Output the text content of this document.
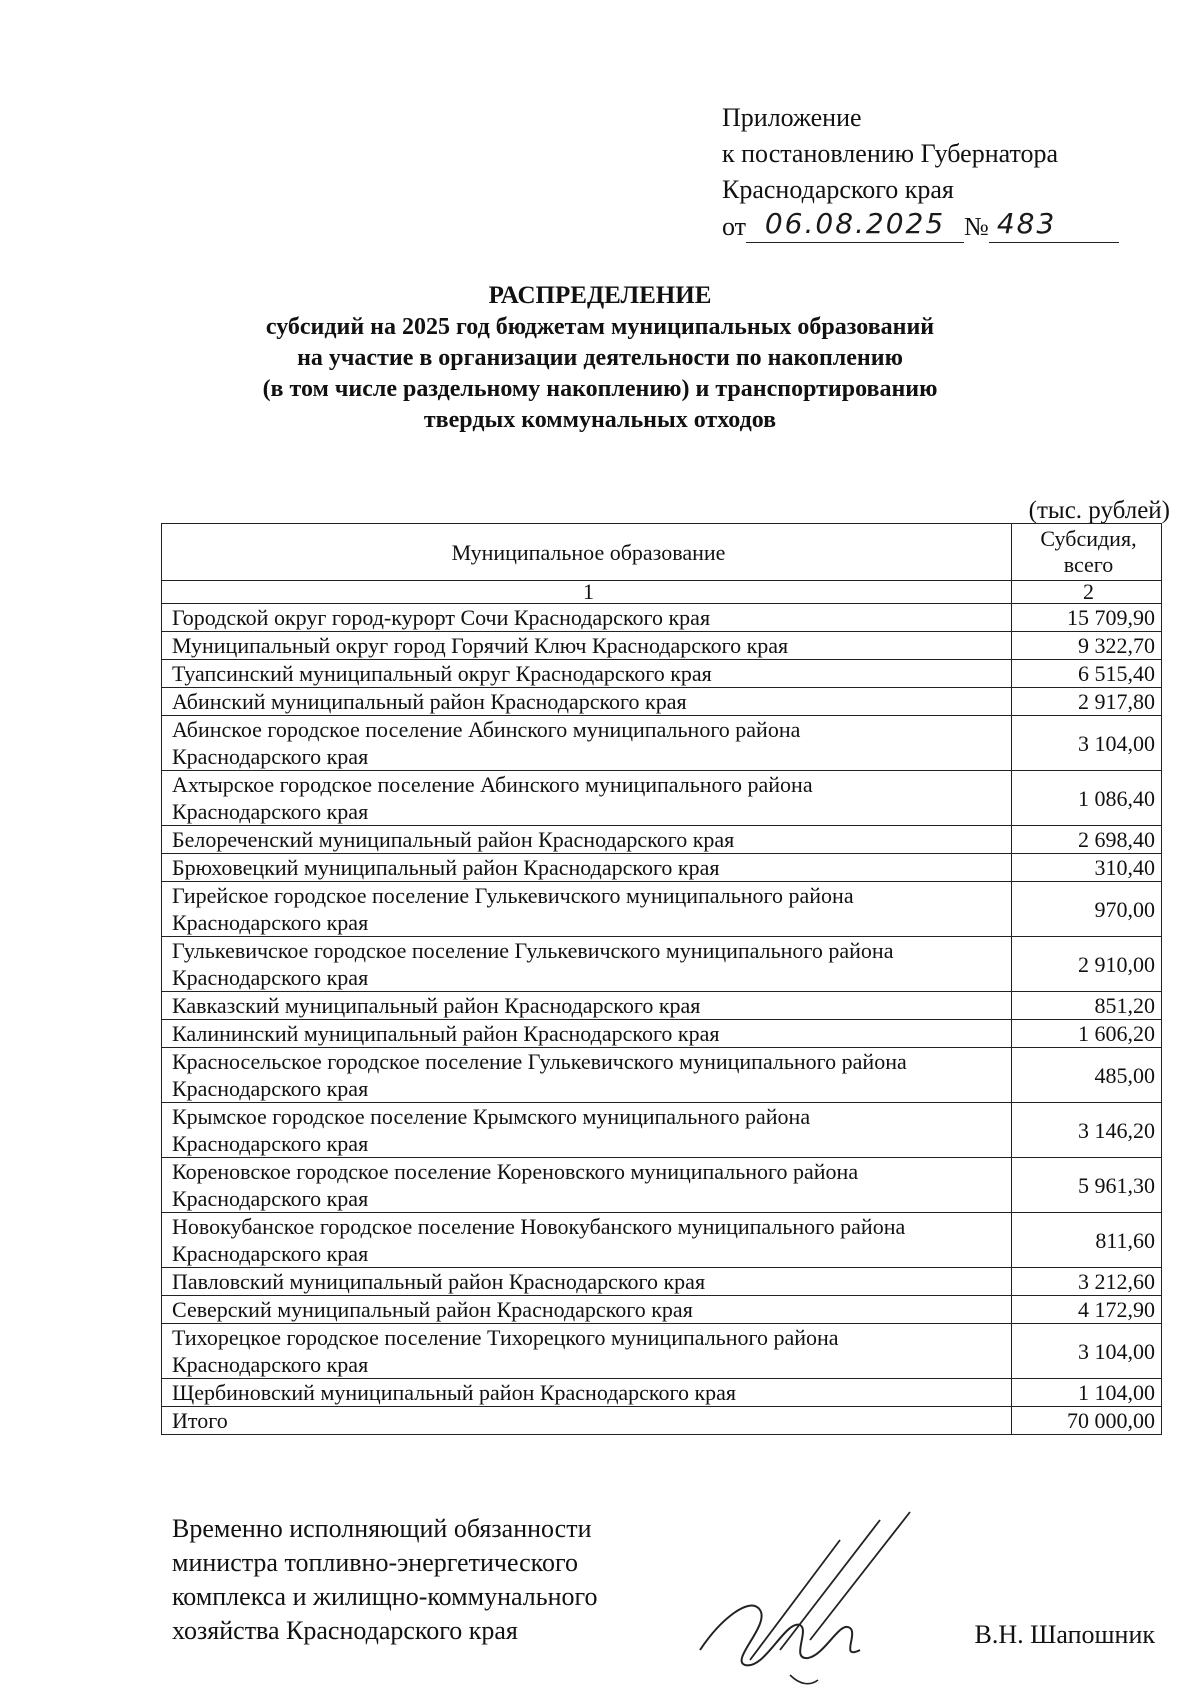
Приложение
к постановлению Губернатора
Краснодарского края
от 06.08.2025 № 483
РАСПРЕДЕЛЕНИЕ
субсидий на 2025 год бюджетам муниципальных образований
на участие в организации деятельности по накоплению
(в том числе раздельному накоплению) и транспортированию
твердых коммунальных отходов
(тыс. рублей)
Муниципальное образование	Субсидия,
всего

1	2

Городской округ город-курорт Сочи Краснодарского края	15 709,90

Муниципальный округ город Горячий Ключ Краснодарского края	9 322,70

Туапсинский муниципальный округ Краснодарского края	6 515,40

Абинский муниципальный район Краснодарского края	2 917,80

Абинское городское поселение Абинского муниципального района
Краснодарского края	3 104,00

Ахтырское городское поселение Абинского муниципального района
Краснодарского края	1 086,40

Белореченский муниципальный район Краснодарского края	2 698,40

Брюховецкий муниципальный район Краснодарского края	310,40

Гирейское городское поселение Гулькевичского муниципального района
Краснодарского края	970,00

Гулькевичское городское поселение Гулькевичского муниципального района
Краснодарского края	2 910,00

Кавказский муниципальный район Краснодарского края	851,20

Калининский муниципальный район Краснодарского края	1 606,20

Красносельское городское поселение Гулькевичского муниципального района
Краснодарского края	485,00

Крымское городское поселение Крымского муниципального района
Краснодарского края	3 146,20

Кореновское городское поселение Кореновского муниципального района
Краснодарского края	5 961,30

Новокубанское городское поселение Новокубанского муниципального района
Краснодарского края	811,60

Павловский муниципальный район Краснодарского края	3 212,60

Северский муниципальный район Краснодарского края	4 172,90

Тихорецкое городское поселение Тихорецкого муниципального района
Краснодарского края	3 104,00

Щербиновский муниципальный район Краснодарского края	1 104,00
Итого	70 000,00
Временно исполняющий обязанности
министра топливно-энергетического
комплекса и жилищно-коммунального
хозяйства Краснодарского края	В.Н. Шапошник
